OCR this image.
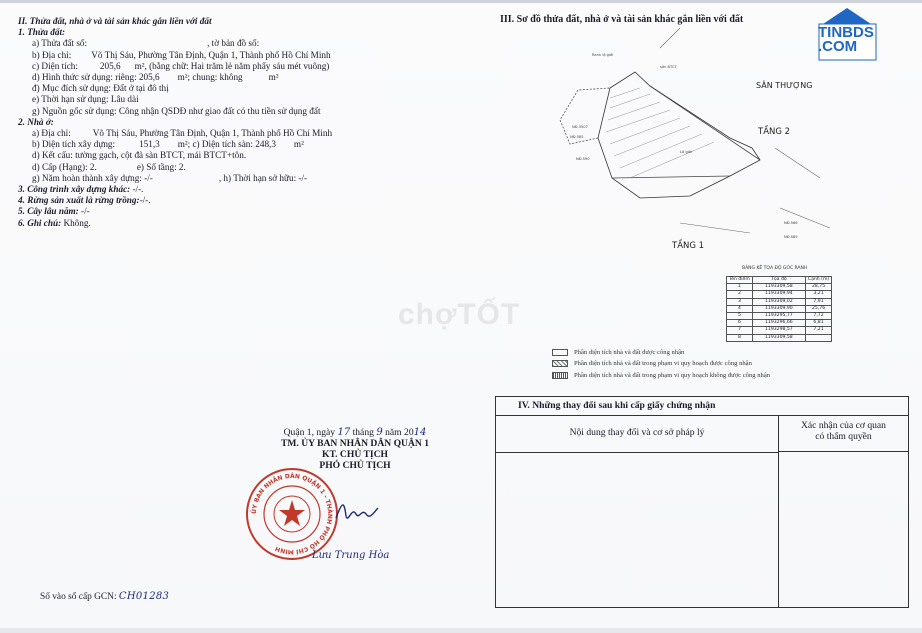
II. Thửa đất, nhà ở và tài sản khác gắn liền với đất
1. Thửa đất:
a) Thửa đất số:	, tờ bản đồ số:
b) Địa chỉ: Võ Thị Sáu, Phường Tân Định, Quận 1, Thành phố Hồ Chí Minh
c) Diện tích: 205,6 m², (bằng chữ: Hai trăm lẻ năm phẩy sáu mét vuông)
d) Hình thức sử dụng: riêng: 205,6 m²; chung: không	m²
đ) Mục đích sử dụng: Đất ở tại đô thị
e) Thời hạn sử dụng: Lâu dài
g) Nguồn gốc sử dụng: Công nhận QSDĐ như giao đất có thu tiền sử dụng đất
2. Nhà ở:
a) Địa chỉ: Võ Thị Sáu, Phường Tân Định, Quận 1, Thành phố Hồ Chí Minh
b) Diện tích xây dựng:	151,3 m²; c) Diện tích sàn: 248,3 m²
d) Kết cấu: tường gạch, cột đà sàn BTCT, mái BTCT+tôn.
d) Cấp (Hạng): 2.	e) Số tầng: 2.
g) Năm hoàn thành xây dựng: -/-	, h) Thời hạn sở hữu: -/-
3. Công trình xây dựng khác: -/-.
4. Rừng sản xuất là rừng trồng:-/-.
5. Cây lâu năm: -/-
6. Ghi chú: Không.
III. Sơ đồ thửa đất, nhà ở và tài sản khác gắn liền với đất
Ranh lộ giới
sân BTCT
NĐ.3507
NĐ.585
NĐ.590
Lộ giới
NĐ.566
NĐ.589
SÂN THƯỢNG
TẦNG 2
TẦNG 1
BẢNG KÊ TỌA ĐỘ GÓC RANH
Tên điểm	Tọa độ	Cạnh (m)
1	1193309,58	28,75
2	1193309,94	3,21
3	1193309,02	7,91
4	1193309,90	25,76
5	1193295,77	7,72
6	1193296,66	6,81
7	1193298,57	7,21
8	1193309,58	
Phần diện tích nhà và đất được công nhận
Phần diện tích nhà và đất trong phạm vi quy hoạch được công nhận
Phần diện tích nhà và đất trong phạm vi quy hoạch không được công nhận
IV. Những thay đổi sau khi cấp giấy chứng nhận
Nội dung thay đổi và cơ sở pháp lý
Xác nhận của cơ quan
có thẩm quyền
Quận 1, ngày 17 tháng 9 năm 2014
TM. ỦY BAN NHÂN DÂN QUẬN 1
KT. CHỦ TỊCH
PHÓ CHỦ TỊCH
ỦY BAN NHÂN DÂN QUẬN 1 - THÀNH PHỐ HỒ CHÍ MINH
Lưu Trung Hòa
Số vào sổ cấp GCN: CH01283
chợTỐT
TINBDS
.COM
